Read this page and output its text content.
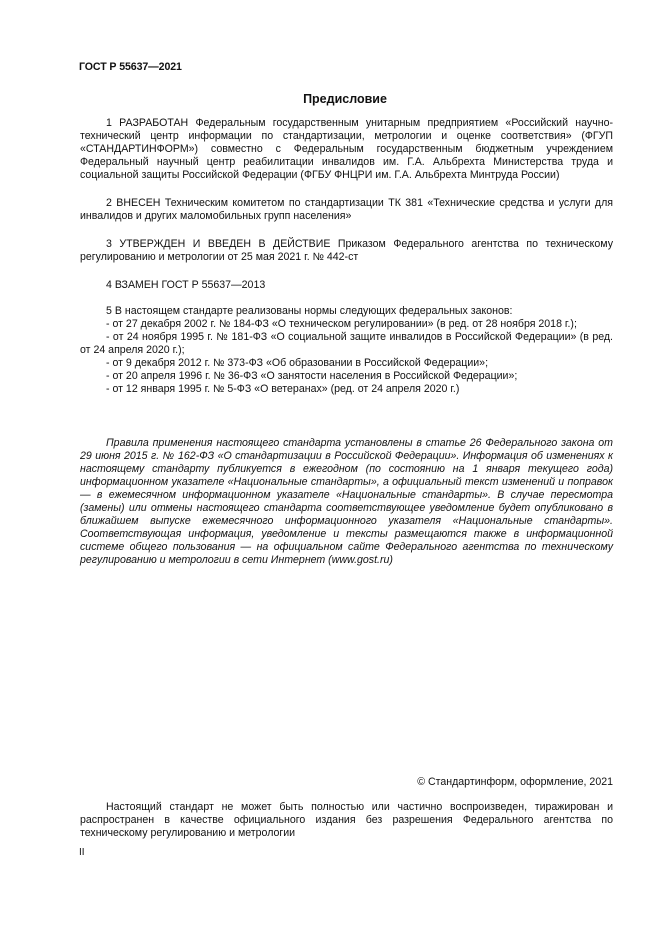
ГОСТ Р 55637—2021
Предисловие

1 РАЗРАБОТАН Федеральным государственным унитарным предприятием «Российский научно-технический центр информации по стандартизации, метрологии и оценке соответствия» (ФГУП «СТАНДАРТИНФОРМ») совместно с Федеральным государственным бюджетным учреждением Федеральный научный центр реабилитации инвалидов им. Г.А. Альбрехта Министерства труда и социальной защиты Российской Федерации (ФГБУ ФНЦРИ им. Г.А. Альбрехта Минтруда России)

2 ВНЕСЕН Техническим комитетом по стандартизации ТК 381 «Технические средства и услуги для инвалидов и других маломобильных групп населения»

3 УТВЕРЖДЕН И ВВЕДЕН В ДЕЙСТВИЕ Приказом Федерального агентства по техническому регулированию и метрологии от 25 мая 2021 г. № 442-ст

4 ВЗАМЕН ГОСТ Р 55637—2013

5 В настоящем стандарте реализованы нормы следующих федеральных законов:
- от 27 декабря 2002 г. № 184-ФЗ «О техническом регулировании» (в ред. от 28 ноября 2018 г.);
- от 24 ноября 1995 г. № 181-ФЗ «О социальной защите инвалидов в Российской Федерации» (в ред. от 24 апреля 2020 г.);
- от 9 декабря 2012 г. № 373-ФЗ «Об образовании в Российской Федерации»;
- от 20 апреля 1996 г. № 36-ФЗ «О занятости населения в Российской Федерации»;
- от 12 января 1995 г. № 5-ФЗ «О ветеранах» (ред. от 24 апреля 2020 г.)

Правила применения настоящего стандарта установлены в статье 26 Федерального закона от 29 июня 2015 г. № 162-ФЗ «О стандартизации в Российской Федерации». Информация об изменениях к настоящему стандарту публикуется в ежегодном (по состоянию на 1 января текущего года) информационном указателе «Национальные стандарты», а официальный текст изменений и поправок — в ежемесячном информационном указателе «Национальные стандарты». В случае пересмотра (замены) или отмены настоящего стандарта соответствующее уведомление будет опубликовано в ближайшем выпуске ежемесячного информационного указателя «Национальные стандарты». Соответствующая информация, уведомление и тексты размещаются также в информационной системе общего пользования — на официальном сайте Федерального агентства по техническому регулированию и метрологии в сети Интернет (www.gost.ru)

© Стандартинформ, оформление, 2021

Настоящий стандарт не может быть полностью или частично воспроизведен, тиражирован и распространен в качестве официального издания без разрешения Федерального агентства по техническому регулированию и метрологии

II
